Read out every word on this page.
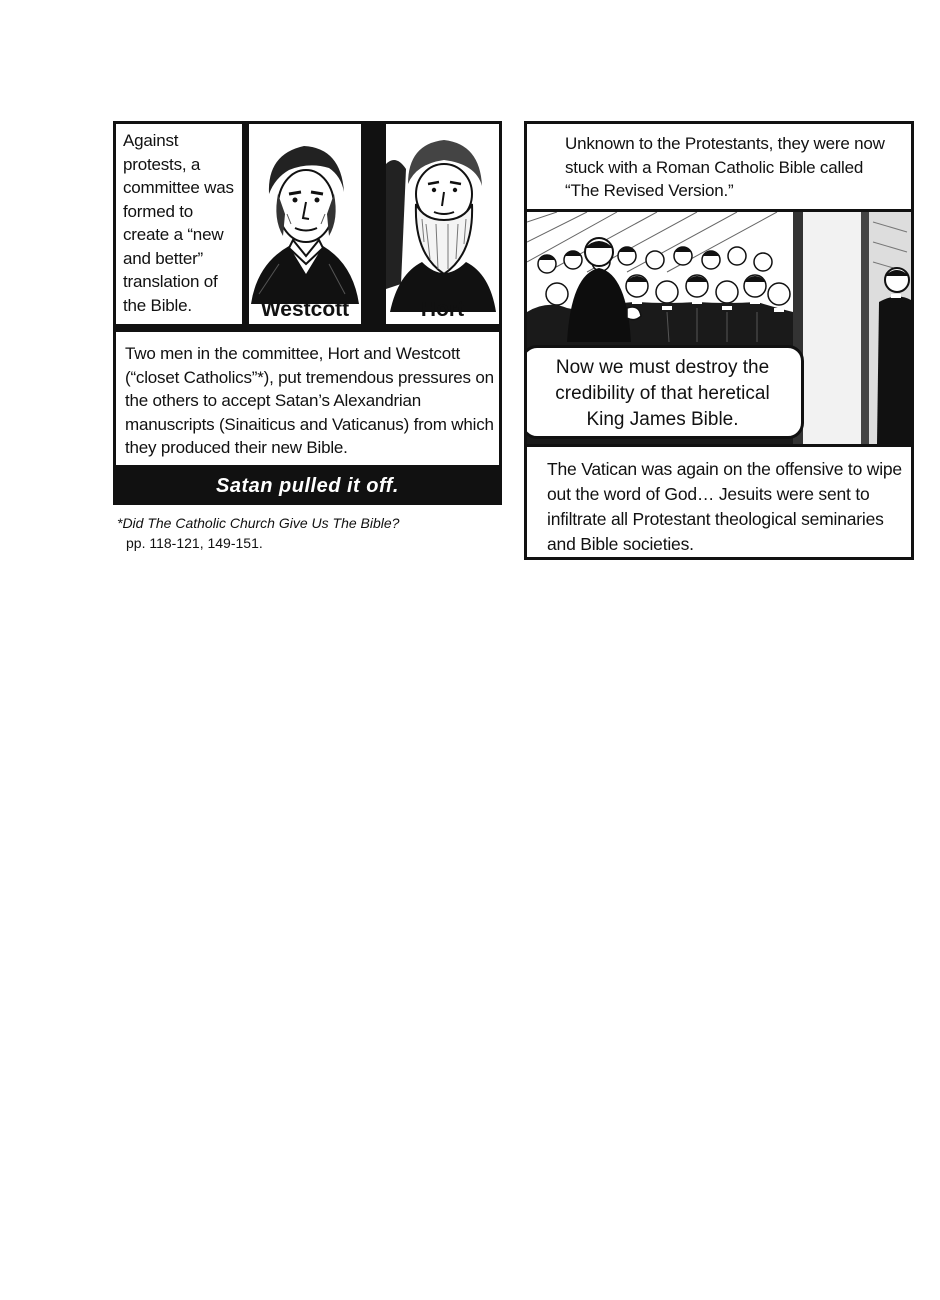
Against protests, a committee was formed to create a “new and better” translation of the Bible.	Westcott	Hort
Two men in the committee, Hort and Westcott (“closet Catholics”*), put tremendous pressures on the others to accept Satan’s Alexandrian manuscripts (Sinaiticus and Vaticanus) from which they produced their new Bible.
Satan pulled it off.
*Did The Catholic Church Give Us The Bible?
pp. 118-121, 149-151.
Unknown to the Protestants, they were now stuck with a Roman Catholic Bible called “The Revised Version.”
Now we must destroy the credibility of that heretical King James Bible.
The Vatican was again on the offensive to wipe out the word of God… Jesuits were sent to infiltrate all Protestant theological seminaries and Bible societies.
